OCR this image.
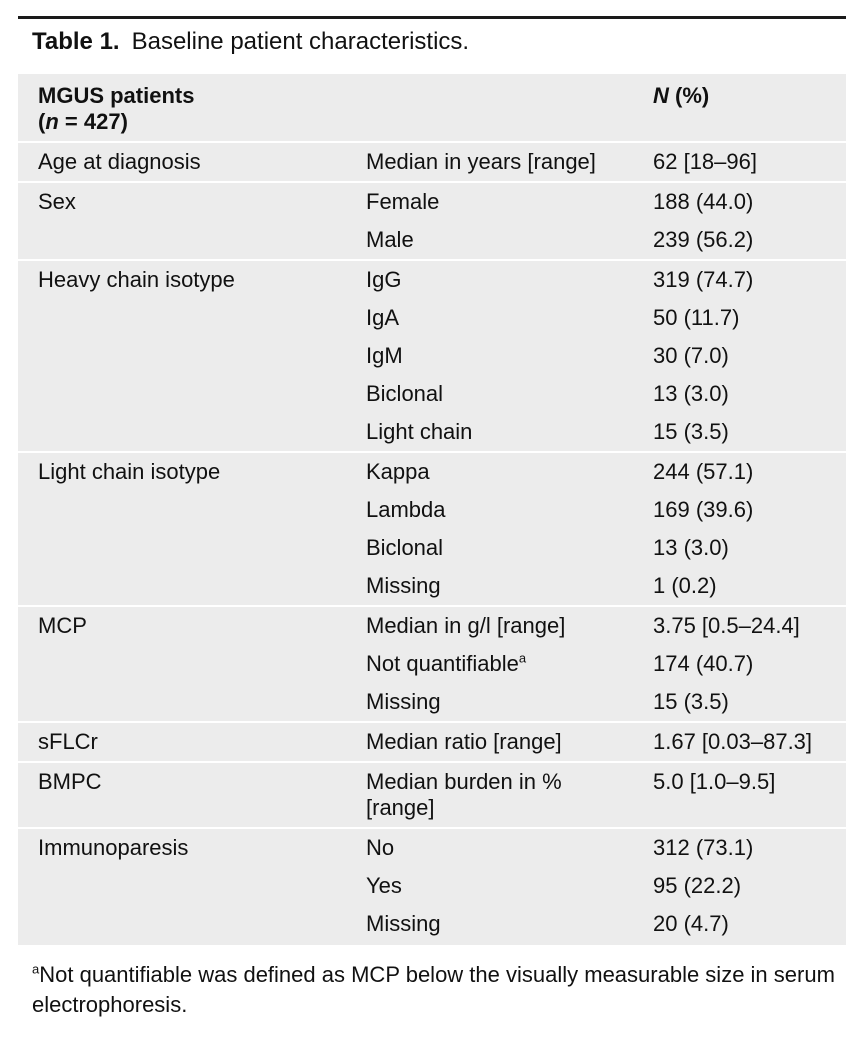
Table 1. Baseline patient characteristics.
MGUS patients
(n = 427)		N (%)
Age at diagnosis	Median in years [range]	62 [18–96]
Sex	Female	188 (44.0)
	Male	239 (56.2)
Heavy chain isotype	IgG	319 (74.7)
	IgA	50 (11.7)
	IgM	30 (7.0)
	Biclonal	13 (3.0)
	Light chain	15 (3.5)
Light chain isotype	Kappa	244 (57.1)
	Lambda	169 (39.6)
	Biclonal	13 (3.0)
	Missing	1 (0.2)
MCP	Median in g/l [range]	3.75 [0.5–24.4]
	Not quantifiable$^a$	174 (40.7)
	Missing	15 (3.5)
sFLCr	Median ratio [range]	1.67 [0.03–87.3]
BMPC	Median burden in % [range]	5.0 [1.0–9.5]
Immunoparesis	No	312 (73.1)
	Yes	95 (22.2)
	Missing	20 (4.7)
$^a$Not quantifiable was defined as MCP below the visually measurable size in serum electrophoresis.
